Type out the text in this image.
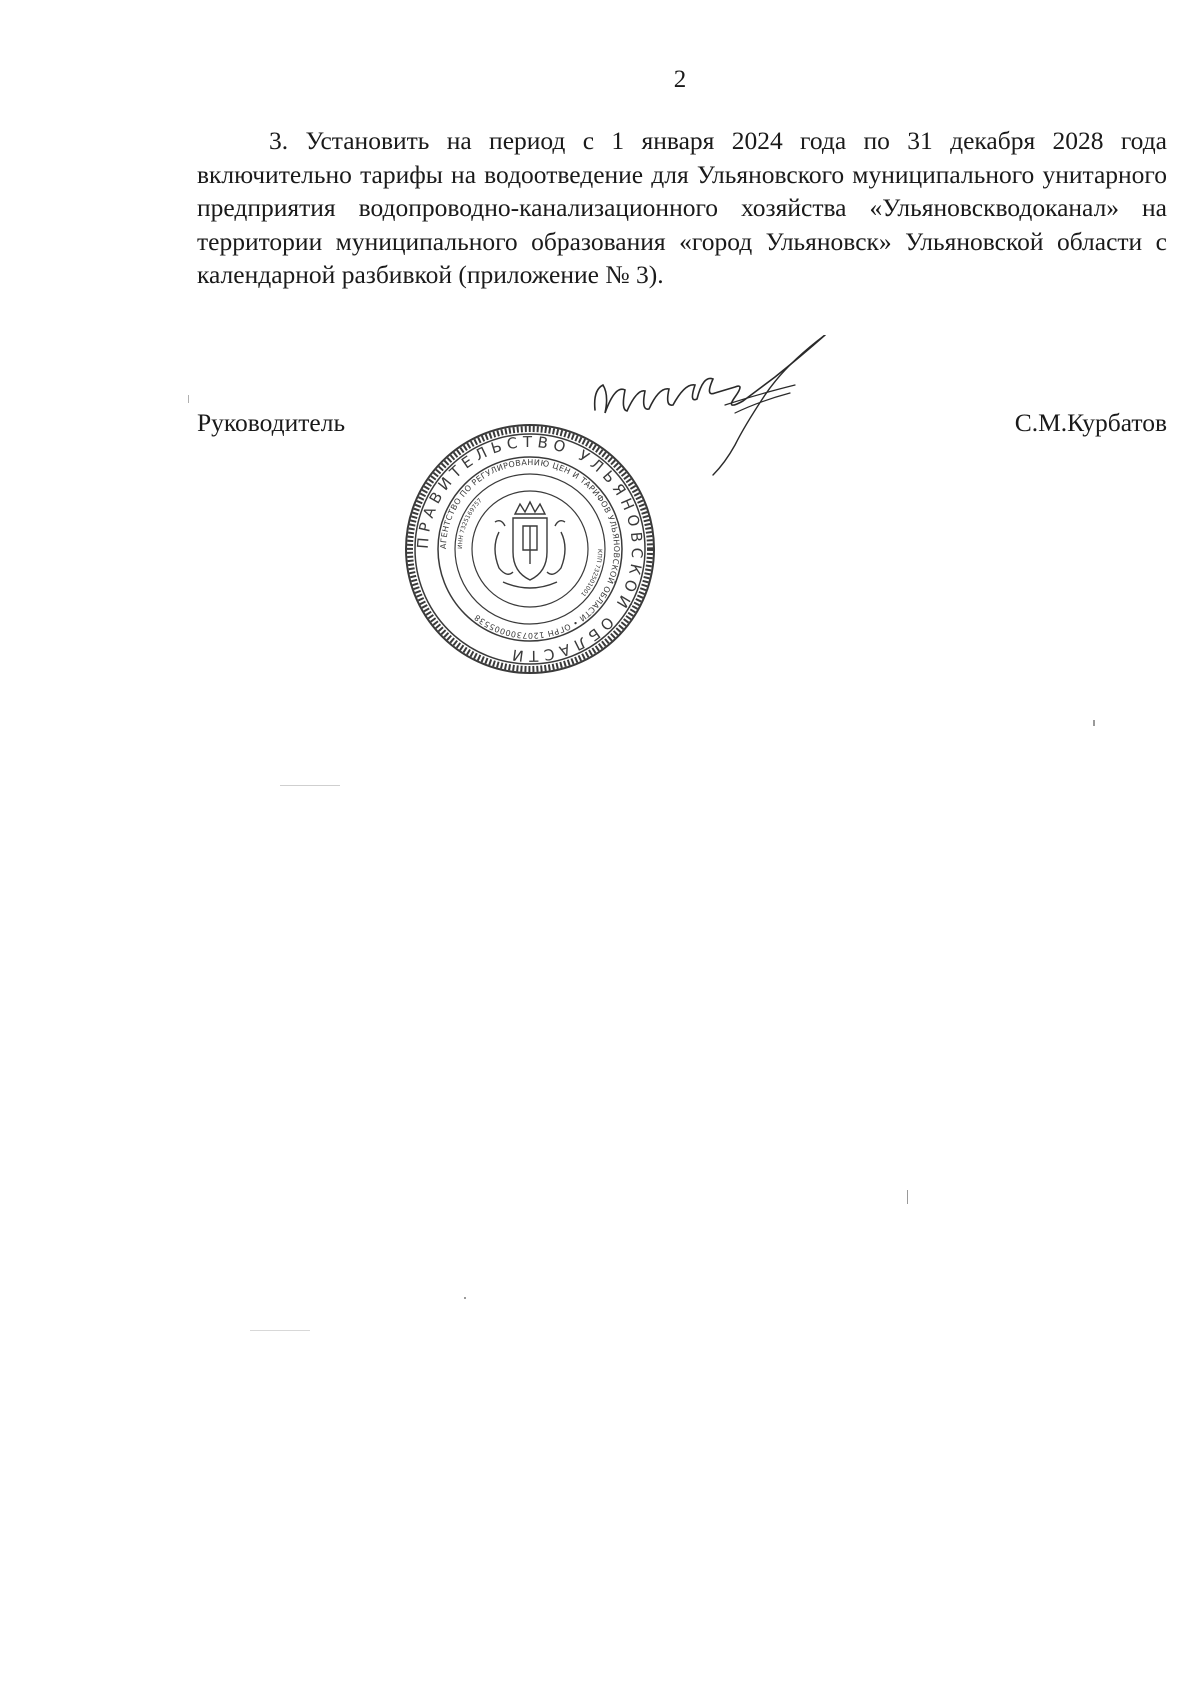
2
3. Установить на период с 1 января 2024 года по 31 декабря 2028 года включительно тарифы на водоотведение для Ульяновского муниципального унитарного предприятия водопроводно-канализационного хозяйства «Ульяновскводоканал» на территории муниципального образования «город Ульяновск» Ульяновской области с календарной разбивкой (приложение № 3).
Руководитель	С.М.Курбатов
ПРАВИТЕЛЬСТВО УЛЬЯНОВСКОЙ ОБЛАСТИ
АГЕНТСТВО ПО РЕГУЛИРОВАНИЮ ЦЕН И ТАРИФОВ УЛЬЯНОВСКОЙ ОБЛАСТИ • ОГРН 1207300005538
ИНН 7325169757
КПП 732501001
